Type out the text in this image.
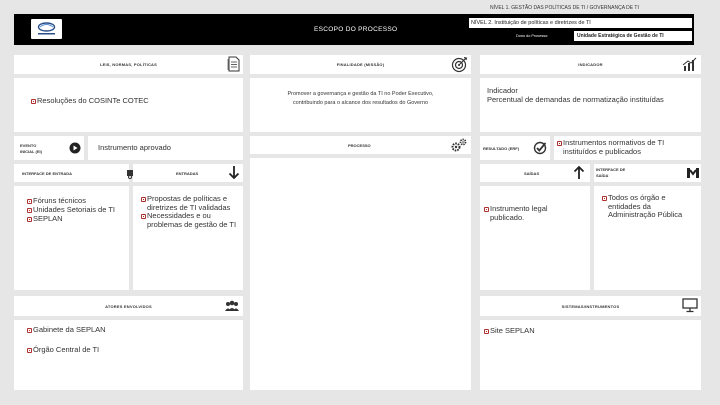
NÍVEL 1. GESTÃO DAS POLÍTICAS DE TI / GOVERNANÇA DE TI
ESCOPO DO PROCESSO
NÍVEL 2. Instituição de políticas e diretrizes de TI
Dono do Processo:	Unidade Estratégica de Gestão de TI
LEIS, NORMAS, POLÍTICAS	FINALIDADE (MISSÃO)	INDICADOR
Resoluções do COSINTe COTEC
Promover a governança e gestão da TI no Poder Executivo,
contribuindo para o alcance dos resultados do Governo
Indicador
Percentual de demandas de normatização instituídas
EVENTO
INICIAL (EI)	Instrumento aprovado	PROCESSO
RESULTADO (ERF)
Instrumentos normativos de TI
instituídos e publicados
INTERFACE DE ENTRADA	ENTRADAS	SAÍDAS
INTERFACE DE
SAÍDA
Fóruns técnicos
Unidades Setoriais de TI
SEPLAN
Propostas de políticas e
diretrizes de TI validadas
Necessidades e ou
problemas de gestão de TI
Instrumento legal
publicado.
Todos os órgão e
entidades da
Administração Pública
ATORES ENVOLVIDOS	SISTEMAS/INSTRUMENTOS
Gabinete da SEPLAN
Órgão Central de TI
Site SEPLAN
